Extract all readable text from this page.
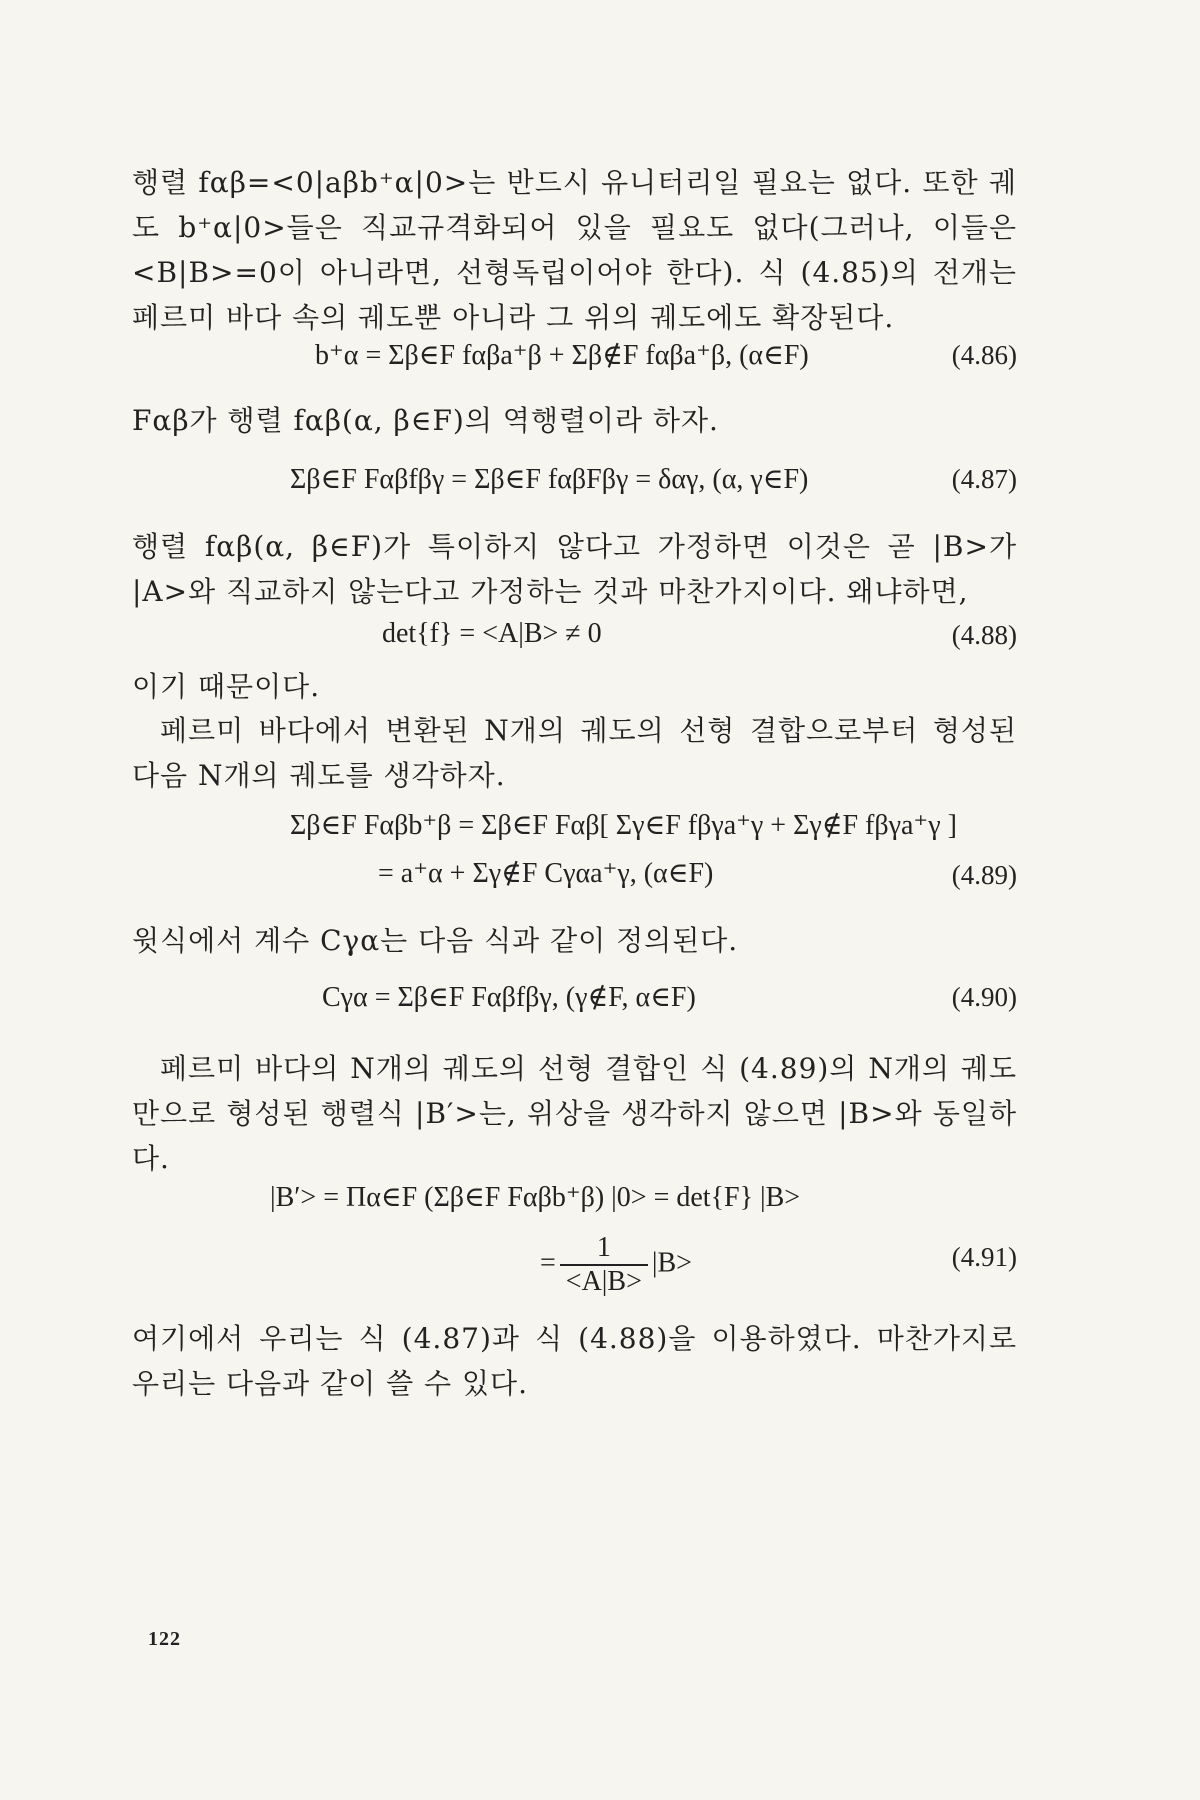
행렬 fαβ=<0|aβb⁺α|0>는 반드시 유니터리일 필요는 없다. 또한 궤도 b⁺α|0>들은 직교규격화되어 있을 필요도 없다(그러나, 이들은 <B|B>=0이 아니라면, 선형독립이어야 한다). 식 (4.85)의 전개는 페르미 바다 속의 궤도뿐 아니라 그 위의 궤도에도 확장된다.
b⁺α = Σβ∈F fαβa⁺β + Σβ∉F fαβa⁺β, (α∈F)	(4.86)
Fαβ가 행렬 fαβ(α, β∈F)의 역행렬이라 하자.
Σβ∈F Fαβfβγ = Σβ∈F fαβFβγ = δαγ, (α, γ∈F)	(4.87)
행렬 fαβ(α, β∈F)가 특이하지 않다고 가정하면 이것은 곧 |B>가 |A>와 직교하지 않는다고 가정하는 것과 마찬가지이다. 왜냐하면,
det{f} = <A|B> ≠ 0	(4.88)
이기 때문이다.
페르미 바다에서 변환된 N개의 궤도의 선형 결합으로부터 형성된 다음 N개의 궤도를 생각하자.
Σβ∈F Fαβb⁺β = Σβ∈F Fαβ[ Σγ∈F fβγa⁺γ + Σγ∉F fβγa⁺γ ]
= a⁺α + Σγ∉F Cγαa⁺γ, (α∈F)	(4.89)
윗식에서 계수 Cγα는 다음 식과 같이 정의된다.
Cγα = Σβ∈F Fαβfβγ, (γ∉F, α∈F)	(4.90)
페르미 바다의 N개의 궤도의 선형 결합인 식 (4.89)의 N개의 궤도 만으로 형성된 행렬식 |B′>는, 위상을 생각하지 않으면 |B>와 동일하다.
|B′> = Πα∈F (Σβ∈F Fαβb⁺β) |0> = det{F} |B>
= $\frac{1}{<A|B>} |B>$	(4.91)
여기에서 우리는 식 (4.87)과 식 (4.88)을 이용하였다. 마찬가지로 우리는 다음과 같이 쓸 수 있다.
122
